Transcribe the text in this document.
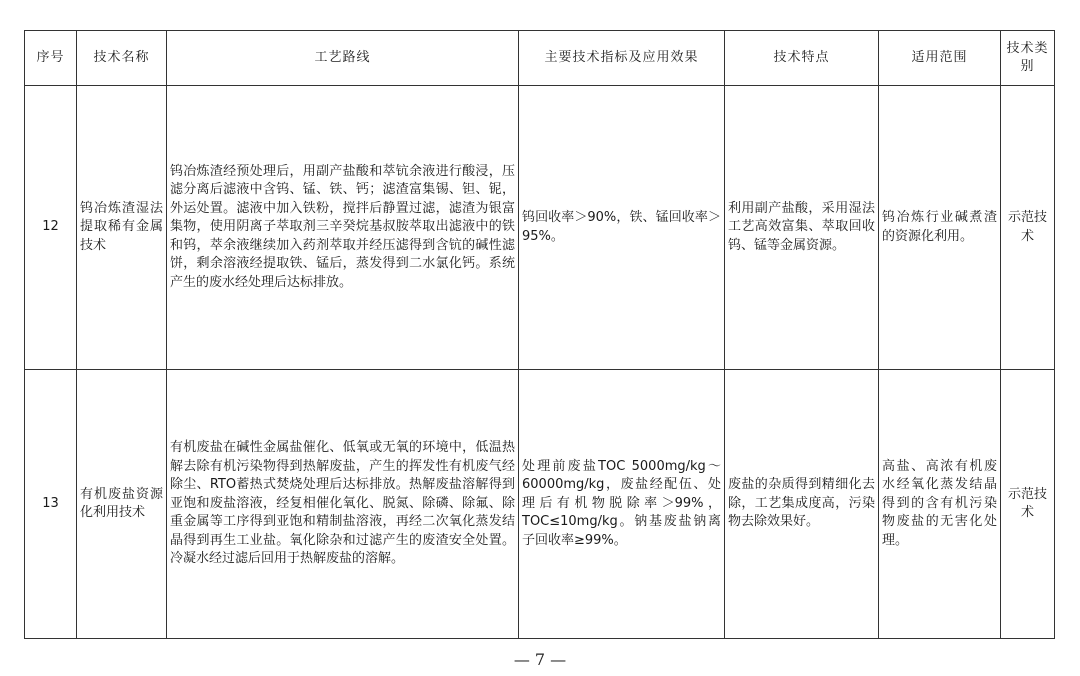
序号	技术名称	工艺路线	主要技术指标及应用效果	技术特点	适用范围	技术类别
12	钨冶炼渣湿法提取稀有金属技术	钨冶炼渣经预处理后，用副产盐酸和萃钪余液进行酸浸，压滤分离后滤液中含钨、锰、铁、钙；滤渣富集锡、钽、铌，外运处置。滤液中加入铁粉，搅拌后静置过滤，滤渣为银富集物，使用阴离子萃取剂三辛癸烷基叔胺萃取出滤液中的铁和钨，萃余液继续加入药剂萃取并经压滤得到含钪的碱性滤饼，剩余溶液经提取铁、锰后，蒸发得到二水氯化钙。系统产生的废水经处理后达标排放。	钨回收率＞90%，铁、锰回收率＞95%。	利用副产盐酸，采用湿法工艺高效富集、萃取回收钨、锰等金属资源。	钨冶炼行业碱煮渣的资源化利用。	示范技术
13	有机废盐资源化利用技术	有机废盐在碱性金属盐催化、低氧或无氧的环境中，低温热解去除有机污染物得到热解废盐，产生的挥发性有机废气经除尘、RTO蓄热式焚烧处理后达标排放。热解废盐溶解得到亚饱和废盐溶液，经复相催化氧化、脱氮、除磷、除氟、除重金属等工序得到亚饱和精制盐溶液，再经二次氧化蒸发结晶得到再生工业盐。氧化除杂和过滤产生的废渣安全处置。冷凝水经过滤后回用于热解废盐的溶解。	处理前废盐TOC 5000mg/kg～60000mg/kg，废盐经配伍、处理后有机物脱除率＞99%，TOC≤10mg/kg。钠基废盐钠离子回收率≥99%。	废盐的杂质得到精细化去除，工艺集成度高，污染物去除效果好。	高盐、高浓有机废水经氧化蒸发结晶得到的含有机污染物废盐的无害化处理。	示范技术
— 7 —
